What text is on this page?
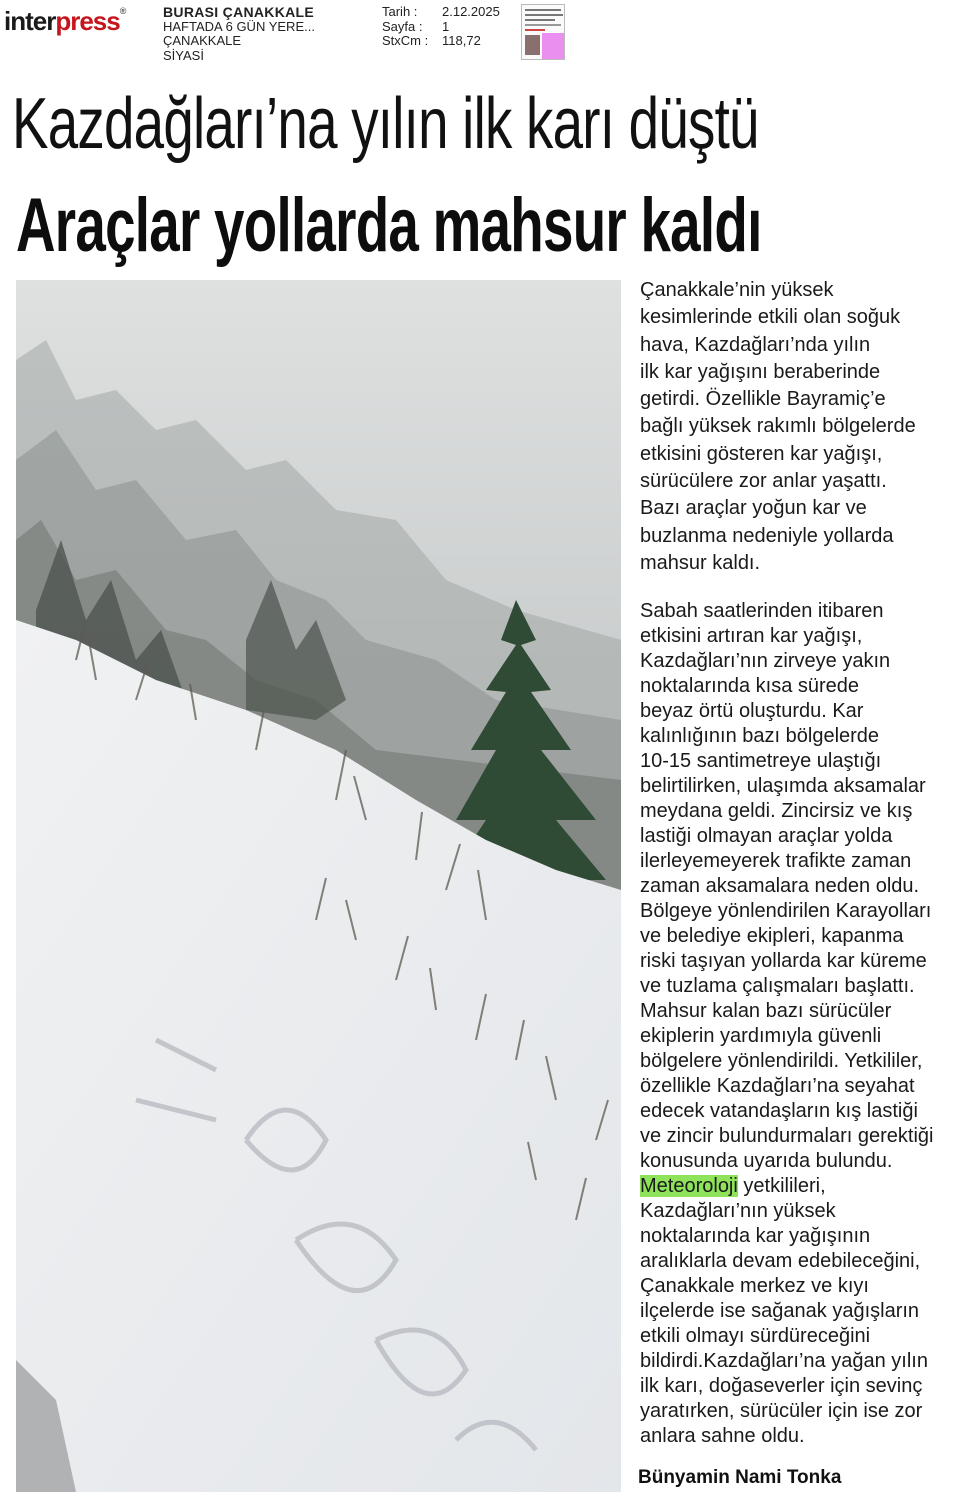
interpress®	BURASI ÇANAKKALE
HAFTADA 6 GÜN YERE...
ÇANAKKALE
SİYASİ
Tarih :	2.12.2025
Sayfa :	1
StxCm :	118,72
Kazdağları’na yılın ilk karı düştü
Araçlar yollarda mahsur kaldı
Çanakkale’nin yüksek
kesimlerinde etkili olan soğuk
hava, Kazdağları’nda yılın
ilk kar yağışını beraberinde
getirdi. Özellikle Bayramiç’e
bağlı yüksek rakımlı bölgelerde
etkisini gösteren kar yağışı,
sürücülere zor anlar yaşattı.
Bazı araçlar yoğun kar ve
buzlanma nedeniyle yollarda
mahsur kaldı.
Sabah saatlerinden itibaren
etkisini artıran kar yağışı,
Kazdağları’nın zirveye yakın
noktalarında kısa sürede
beyaz örtü oluşturdu. Kar
kalınlığının bazı bölgelerde
10-15 santimetreye ulaştığı
belirtilirken, ulaşımda aksamalar
meydana geldi. Zincirsiz ve kış
lastiği olmayan araçlar yolda
ilerleyemeyerek trafikte zaman
zaman aksamalara neden oldu.
Bölgeye yönlendirilen Karayolları
ve belediye ekipleri, kapanma
riski taşıyan yollarda kar küreme
ve tuzlama çalışmaları başlattı.
Mahsur kalan bazı sürücüler
ekiplerin yardımıyla güvenli
bölgelere yönlendirildi. Yetkililer,
özellikle Kazdağları’na seyahat
edecek vatandaşların kış lastiği
ve zincir bulundurmaları gerektiği
konusunda uyarıda bulundu.
Meteoroloji yetkilileri,
Kazdağları’nın yüksek
noktalarında kar yağışının
aralıklarla devam edebileceğini,
Çanakkale merkez ve kıyı
ilçelerde ise sağanak yağışların
etkili olmayı sürdüreceğini
bildirdi.Kazdağları’na yağan yılın
ilk karı, doğaseverler için sevinç
yaratırken, sürücüler için ise zor
anlara sahne oldu.
Bünyamin Nami Tonka
